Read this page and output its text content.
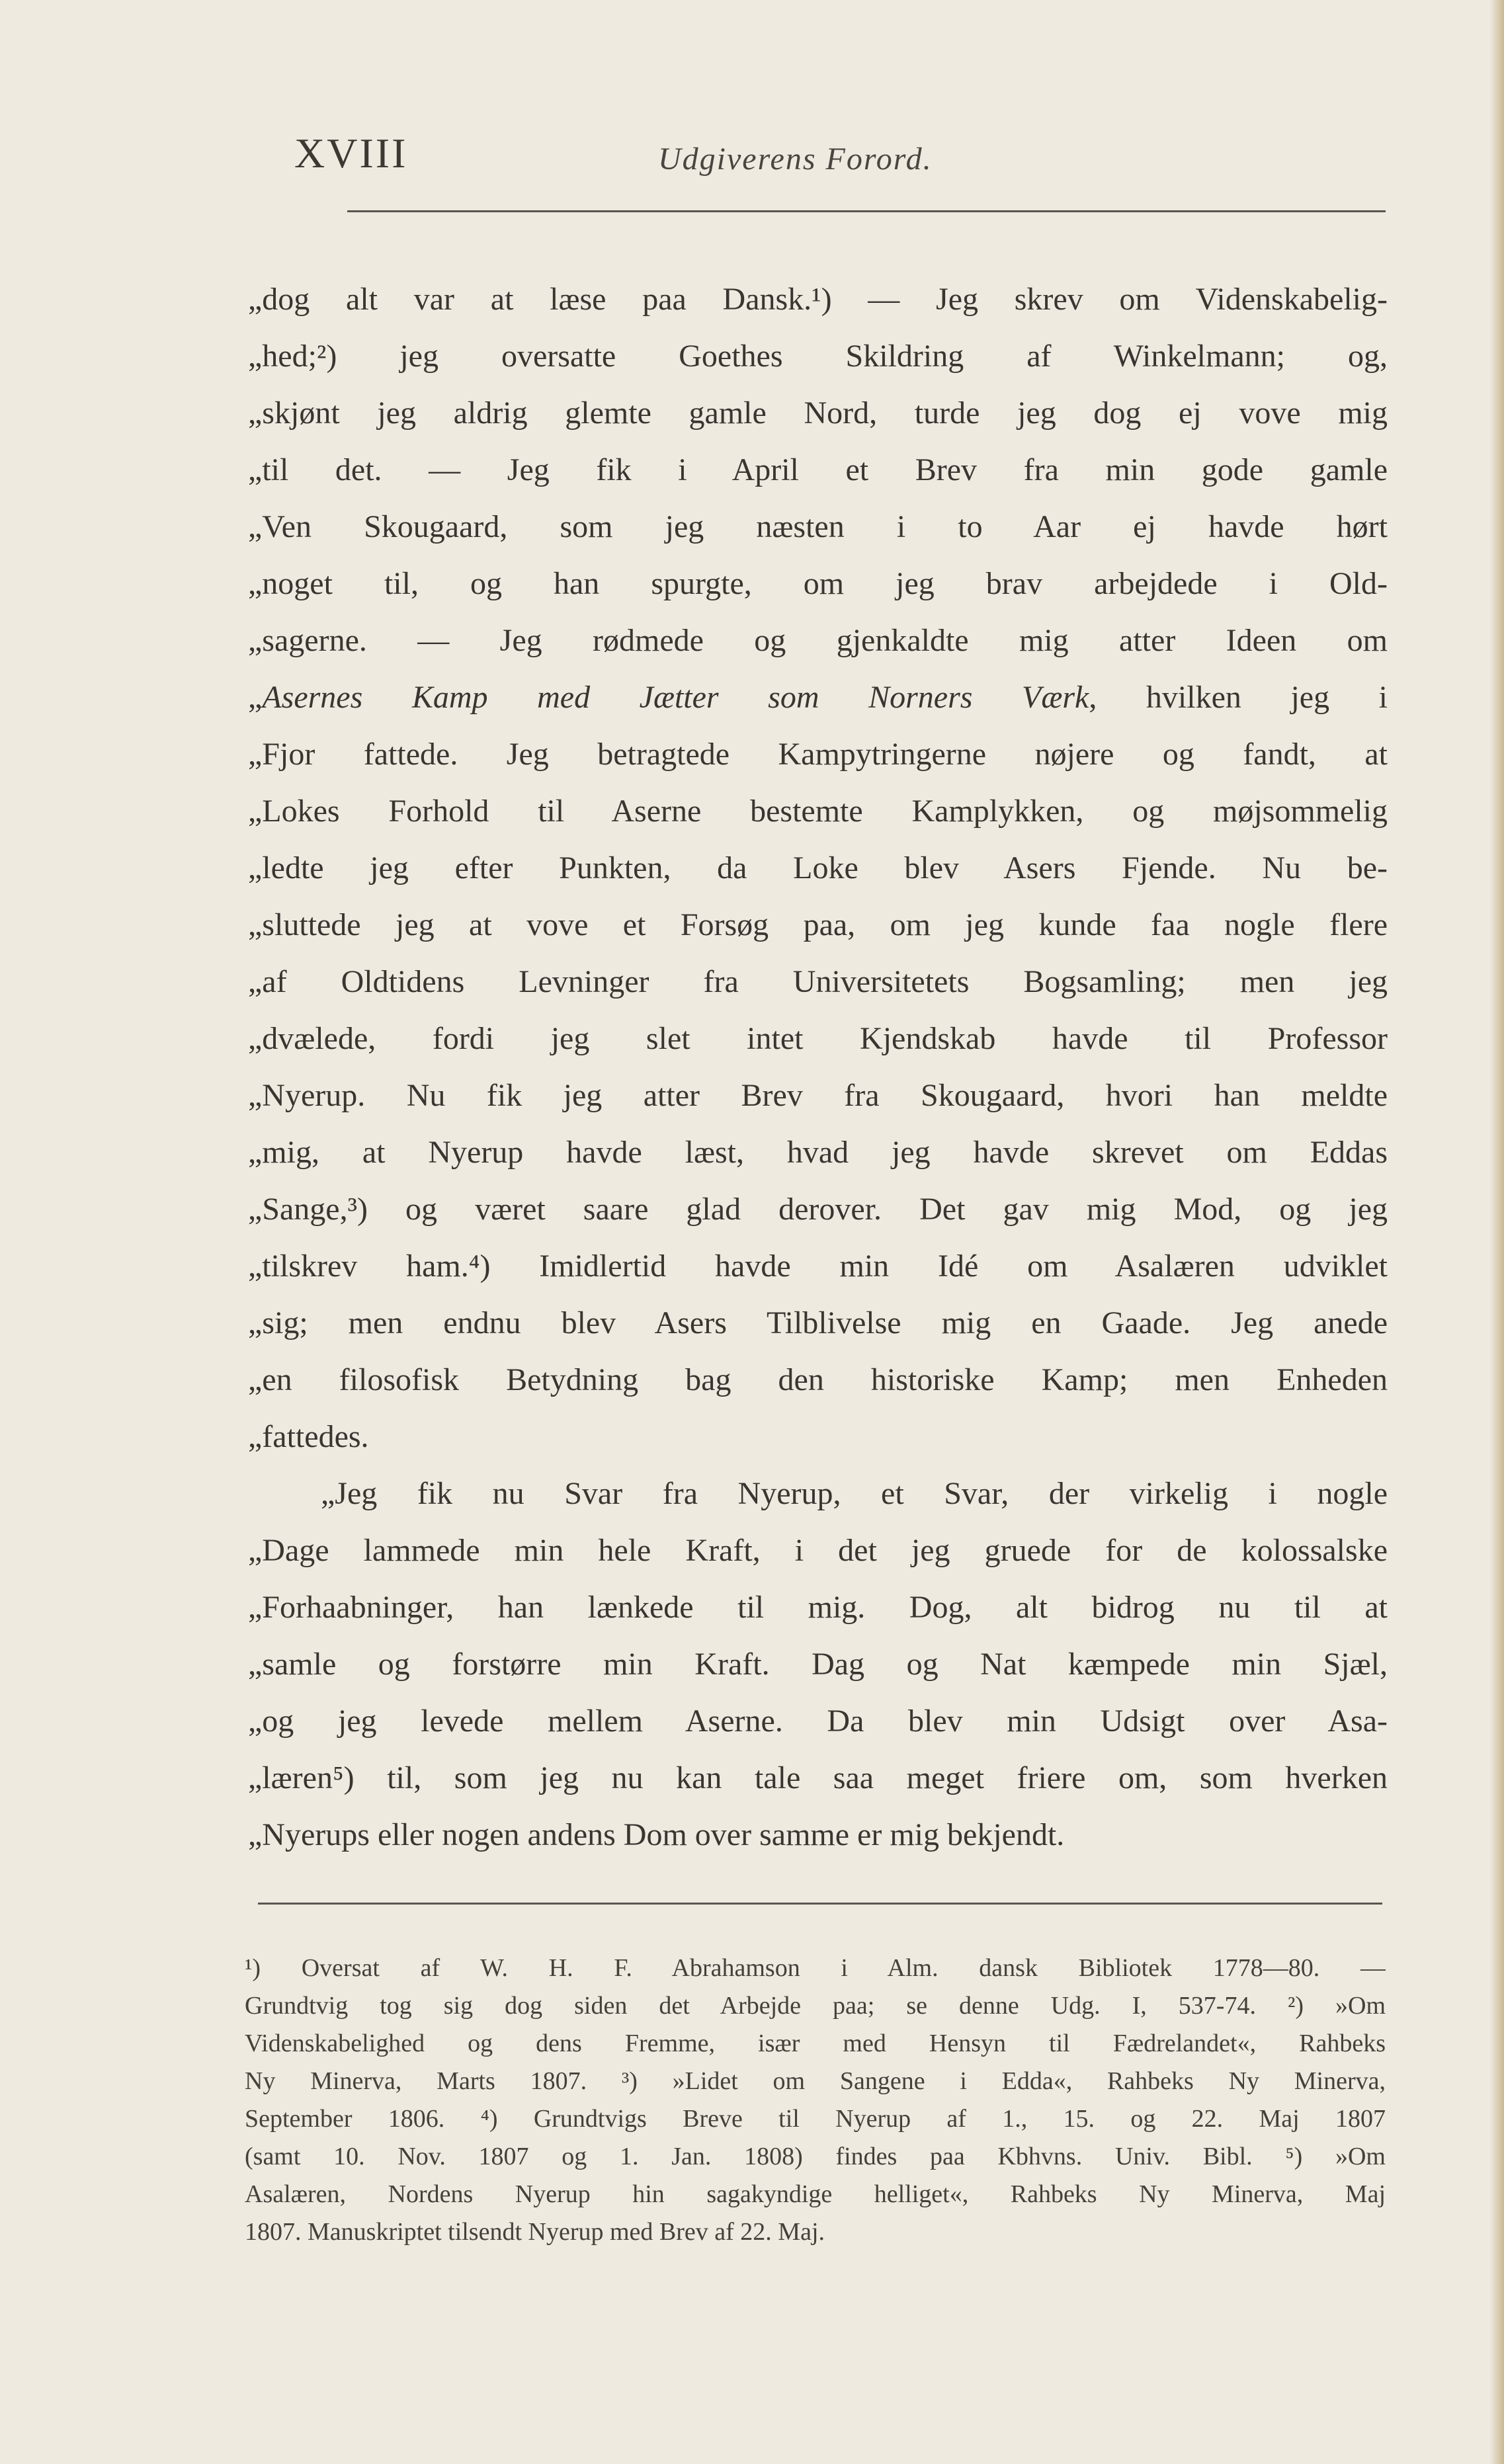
XVIII	Udgiverens Forord.
„dog alt var at læse paa Dansk.¹) — Jeg skrev om Videnskabelig-
„hed;²) jeg oversatte Goethes Skildring af Winkelmann; og,
„skjønt jeg aldrig glemte gamle Nord, turde jeg dog ej vove mig
„til det. — Jeg fik i April et Brev fra min gode gamle
„Ven Skougaard, som jeg næsten i to Aar ej havde hørt
„noget til, og han spurgte, om jeg brav arbejdede i Old-
„sagerne. — Jeg rødmede og gjenkaldte mig atter Ideen om
„Asernes Kamp med Jætter som Norners Værk, hvilken jeg i
„Fjor fattede. Jeg betragtede Kampytringerne nøjere og fandt, at
„Lokes Forhold til Aserne bestemte Kamplykken, og møjsommelig
„ledte jeg efter Punkten, da Loke blev Asers Fjende. Nu be-
„sluttede jeg at vove et Forsøg paa, om jeg kunde faa nogle flere
„af Oldtidens Levninger fra Universitetets Bogsamling; men jeg
„dvælede, fordi jeg slet intet Kjendskab havde til Professor
„Nyerup. Nu fik jeg atter Brev fra Skougaard, hvori han meldte
„mig, at Nyerup havde læst, hvad jeg havde skrevet om Eddas
„Sange,³) og været saare glad derover. Det gav mig Mod, og jeg
„tilskrev ham.⁴) Imidlertid havde min Idé om Asalæren udviklet
„sig; men endnu blev Asers Tilblivelse mig en Gaade. Jeg anede
„en filosofisk Betydning bag den historiske Kamp; men Enheden
„fattedes.
„Jeg fik nu Svar fra Nyerup, et Svar, der virkelig i nogle
„Dage lammede min hele Kraft, i det jeg gruede for de kolossalske
„Forhaabninger, han lænkede til mig. Dog, alt bidrog nu til at
„samle og forstørre min Kraft. Dag og Nat kæmpede min Sjæl,
„og jeg levede mellem Aserne. Da blev min Udsigt over Asa-
„læren⁵) til, som jeg nu kan tale saa meget friere om, som hverken
„Nyerups eller nogen andens Dom over samme er mig bekjendt.
¹) Oversat af W. H. F. Abrahamson i Alm. dansk Bibliotek 1778—80. —
Grundtvig tog sig dog siden det Arbejde paa; se denne Udg. I, 537-74. ²) »Om
Videnskabelighed og dens Fremme, især med Hensyn til Fædrelandet«, Rahbeks
Ny Minerva, Marts 1807. ³) »Lidet om Sangene i Edda«, Rahbeks Ny Minerva,
September 1806. ⁴) Grundtvigs Breve til Nyerup af 1., 15. og 22. Maj 1807
(samt 10. Nov. 1807 og 1. Jan. 1808) findes paa Kbhvns. Univ. Bibl. ⁵) »Om
Asalæren, Nordens Nyerup hin sagakyndige helliget«, Rahbeks Ny Minerva, Maj
1807. Manuskriptet tilsendt Nyerup med Brev af 22. Maj.
